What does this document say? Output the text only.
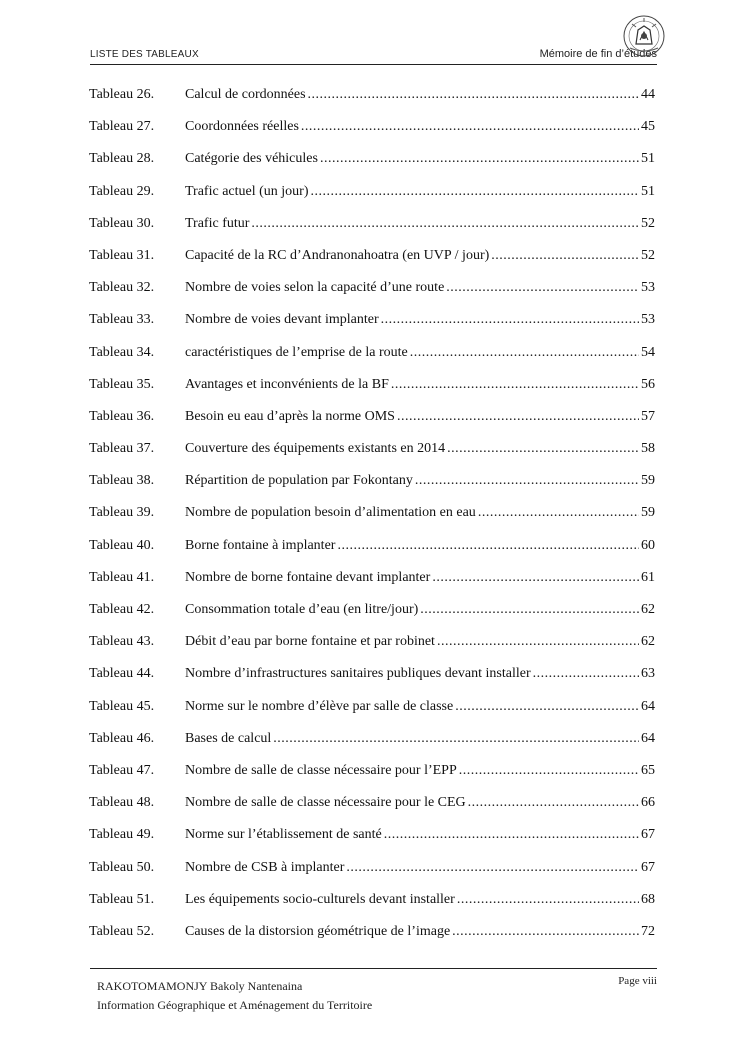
LISTE DES TABLEAUX	Mémoire de fin d’études
Tableau 26.	Calcul de cordonnées .....	44
Tableau 27.	Coordonnées réelles .....	45
Tableau 28.	Catégorie des véhicules .....	51
Tableau 29.	Trafic actuel (un jour) .....	51
Tableau 30.	Trafic futur .....	52
Tableau 31.	Capacité de la RC d’Andranonahoatra (en UVP / jour) .....	52
Tableau 32.	Nombre de voies selon la capacité d’une route .....	53
Tableau 33.	Nombre de voies devant implanter .....	53
Tableau 34.	caractéristiques de l’emprise de la route .....	54
Tableau 35.	Avantages et inconvénients de la BF .....	56
Tableau 36.	Besoin eu eau d’après la norme OMS .....	57
Tableau 37.	Couverture des équipements existants en 2014 .....	58
Tableau 38.	Répartition de population par Fokontany .....	59
Tableau 39.	Nombre de population besoin d’alimentation en eau .....	59
Tableau 40.	Borne fontaine à implanter .....	60
Tableau 41.	Nombre de borne fontaine devant implanter .....	61
Tableau 42.	Consommation totale d’eau (en litre/jour) .....	62
Tableau 43.	Débit d’eau par borne fontaine et par robinet .....	62
Tableau 44.	Nombre d’infrastructures sanitaires publiques devant installer .....	63
Tableau 45.	Norme sur le nombre d’élève par salle de classe .....	64
Tableau 46.	Bases de calcul .....	64
Tableau 47.	Nombre de salle de classe nécessaire pour l’EPP .....	65
Tableau 48.	Nombre de salle de classe nécessaire pour le CEG .....	66
Tableau 49.	Norme sur l’établissement de santé .....	67
Tableau 50.	Nombre de CSB à implanter .....	67
Tableau 51.	Les équipements socio-culturels devant installer .....	68
Tableau 52.	Causes de la distorsion géométrique de l’image .....	72
RAKOTOMAMONJY Bakoly Nantenaina
Information Géographique et Aménagement du Territoire
Page viii
